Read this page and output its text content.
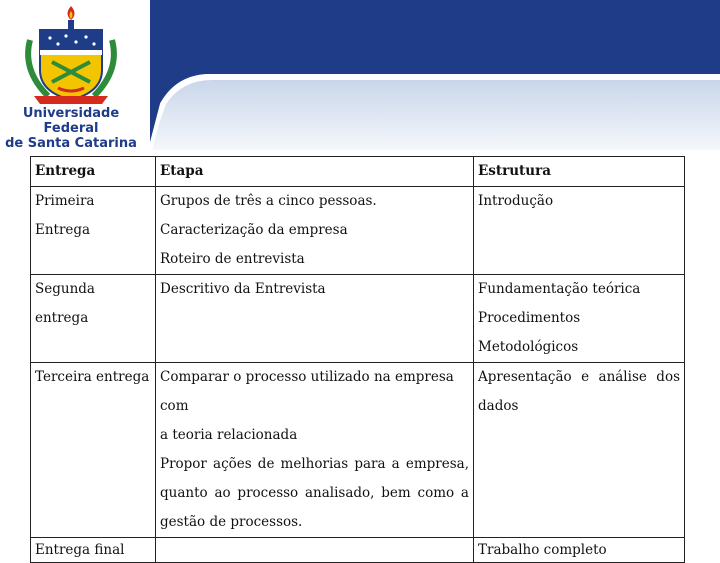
Universidade Federal
de Santa Catarina
Entrega	Etapa	Estrutura
Primeira Entrega	Grupos de três a cinco pessoas.
Caracterização da empresa
Roteiro de entrevista	Introdução

Segunda entrega	Descritivo da Entrevista	Fundamentação teórica
Procedimentos Metodológicos

Terceira entrega	Comparar o processo utilizado na empresa com
a teoria relacionada
Propor ações de melhorias para a empresa,
quanto ao processo analisado, bem como a
gestão de processos.	Apresentação e análise dos
dados

Entrega final		Trabalho completo
